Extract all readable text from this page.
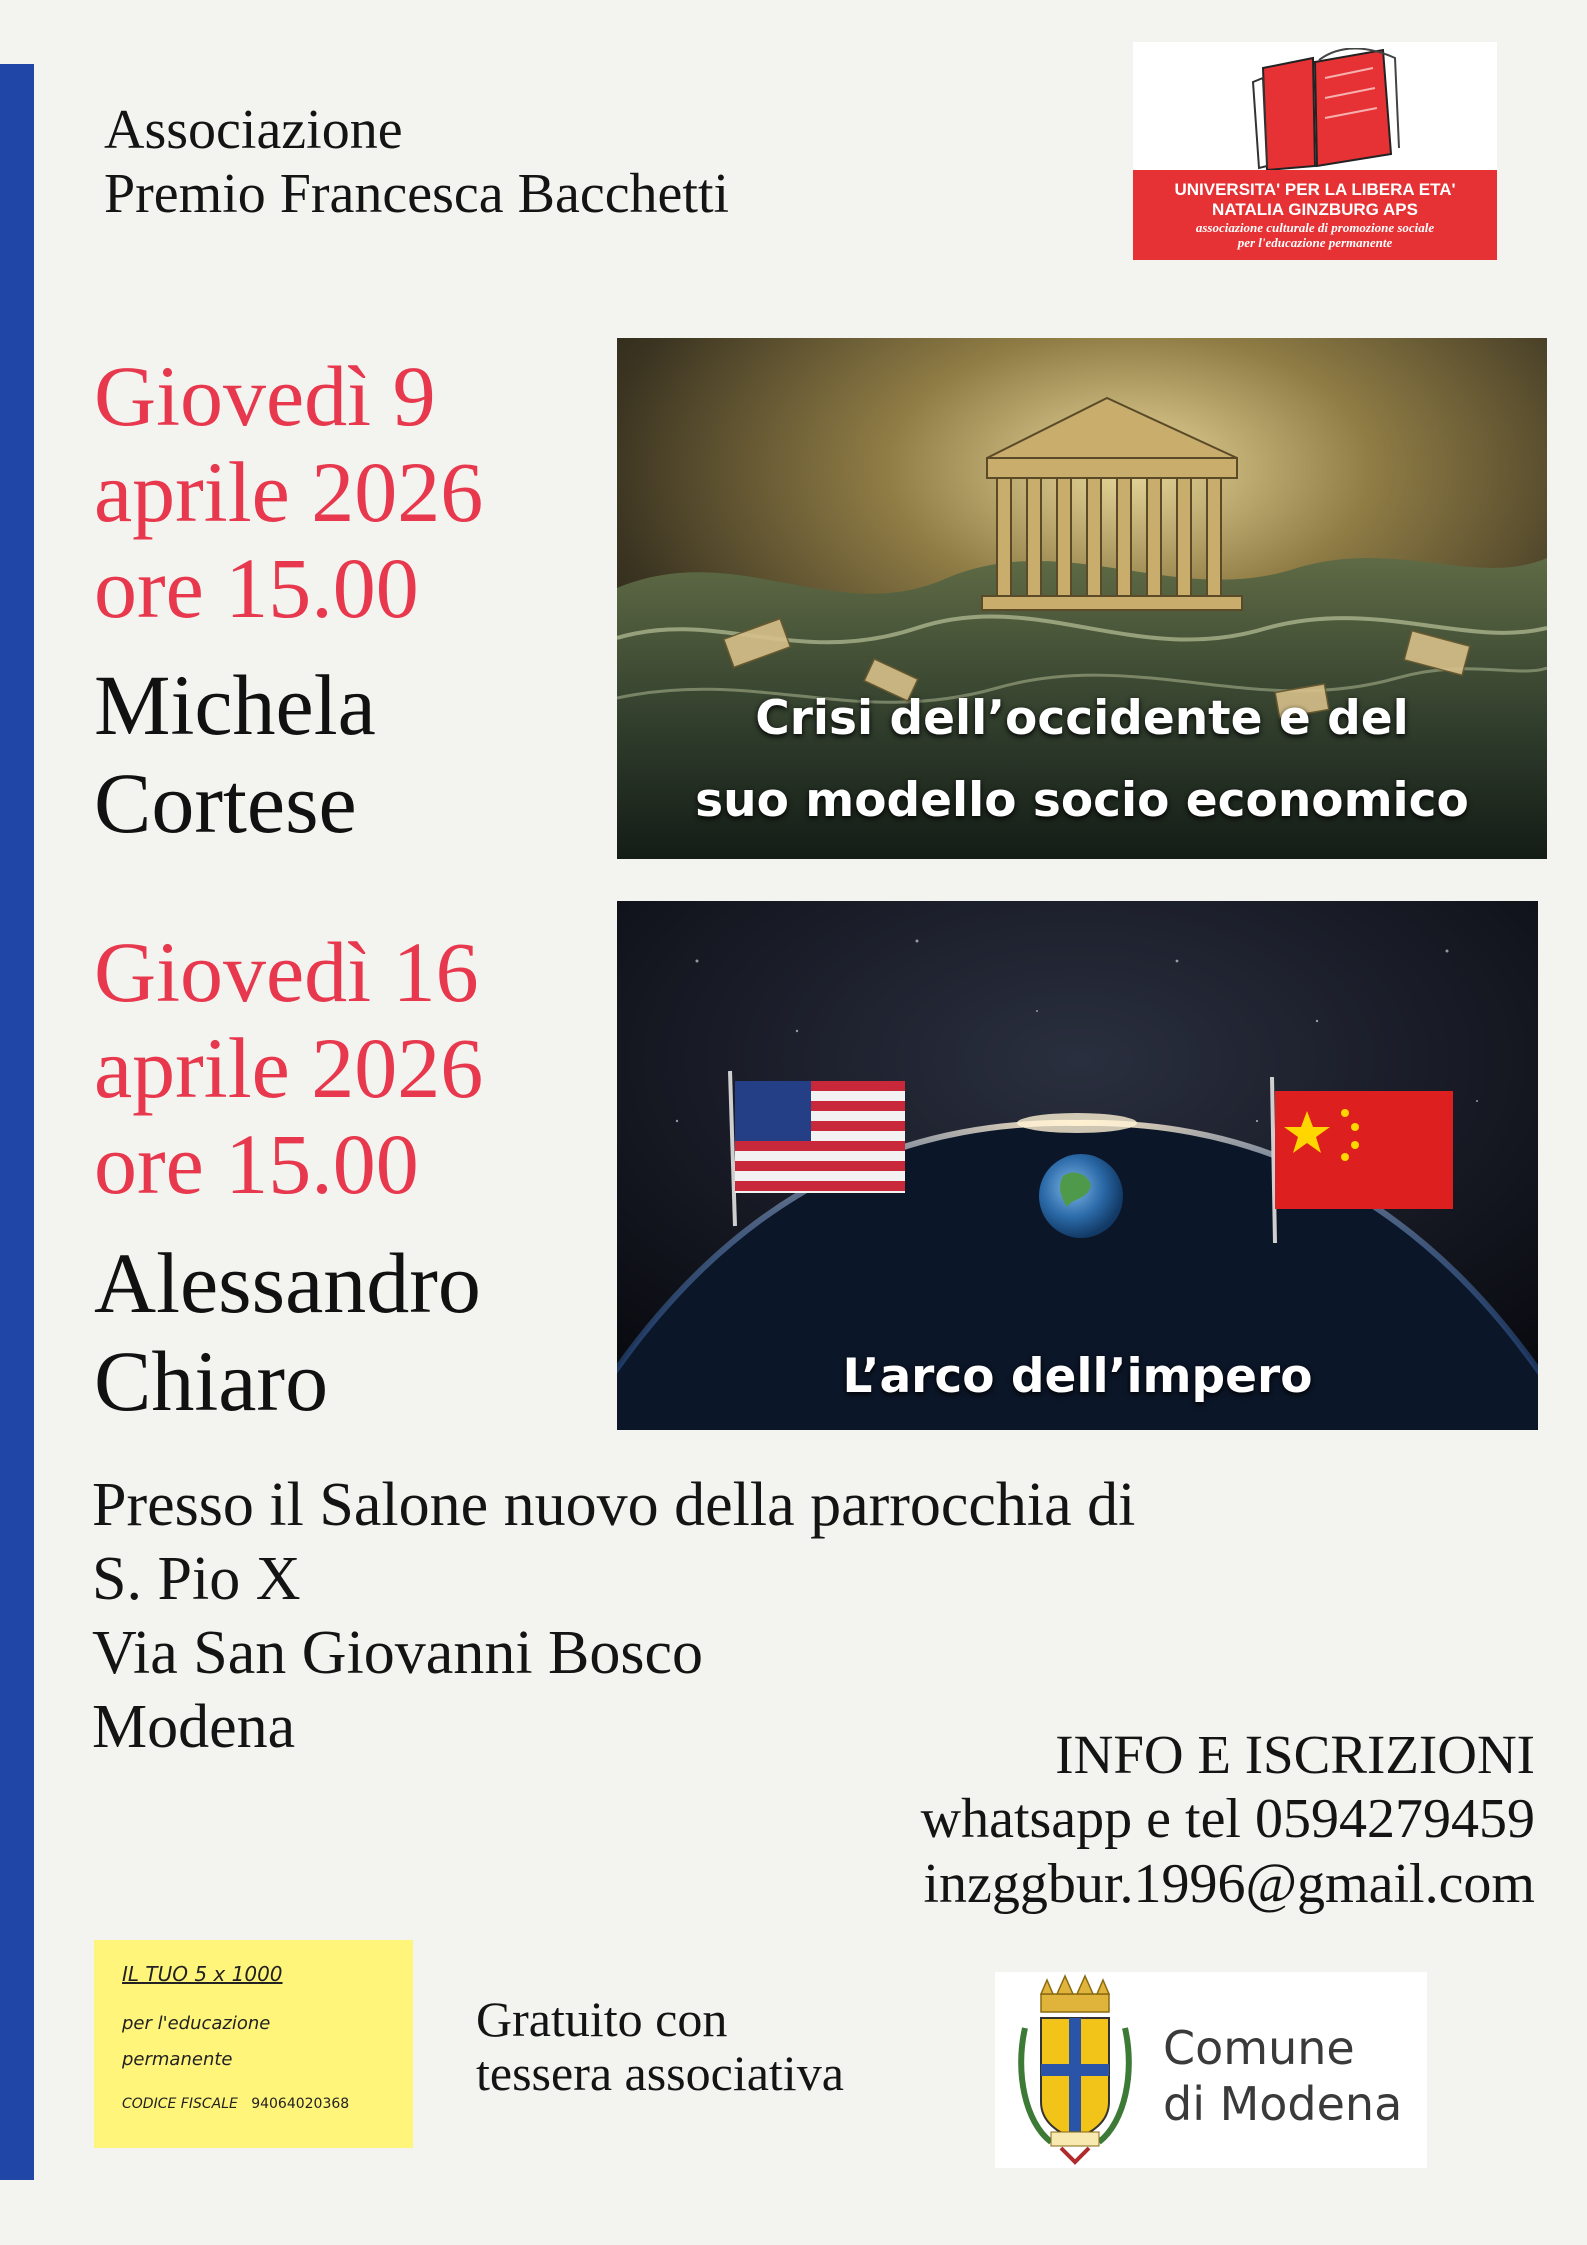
Associazione
Premio Francesca Bacchetti	UNIVERSITA' PER LA LIBERA ETA'
NATALIA GINZBURG APS
associazione culturale di promozione sociale
per l'educazione permanente
Giovedì 9
aprile 2026
ore 15.00
Michela
Cortese
Crisi dell’occidente e del
suo modello socio economico
Giovedì 16
aprile 2026
ore 15.00
Alessandro
Chiaro	L’arco dell’impero
Presso il Salone nuovo della parrocchia di
S. Pio X
Via San Giovanni Bosco
Modena	INFO E ISCRIZIONI
whatsapp e tel 0594279459
inzggbur.1996@gmail.com
IL TUO 5 x 1000
per l'educazione
permanente
CODICE FISCALE 94064020368
Gratuito con
tessera associativa	Comune
di Modena
